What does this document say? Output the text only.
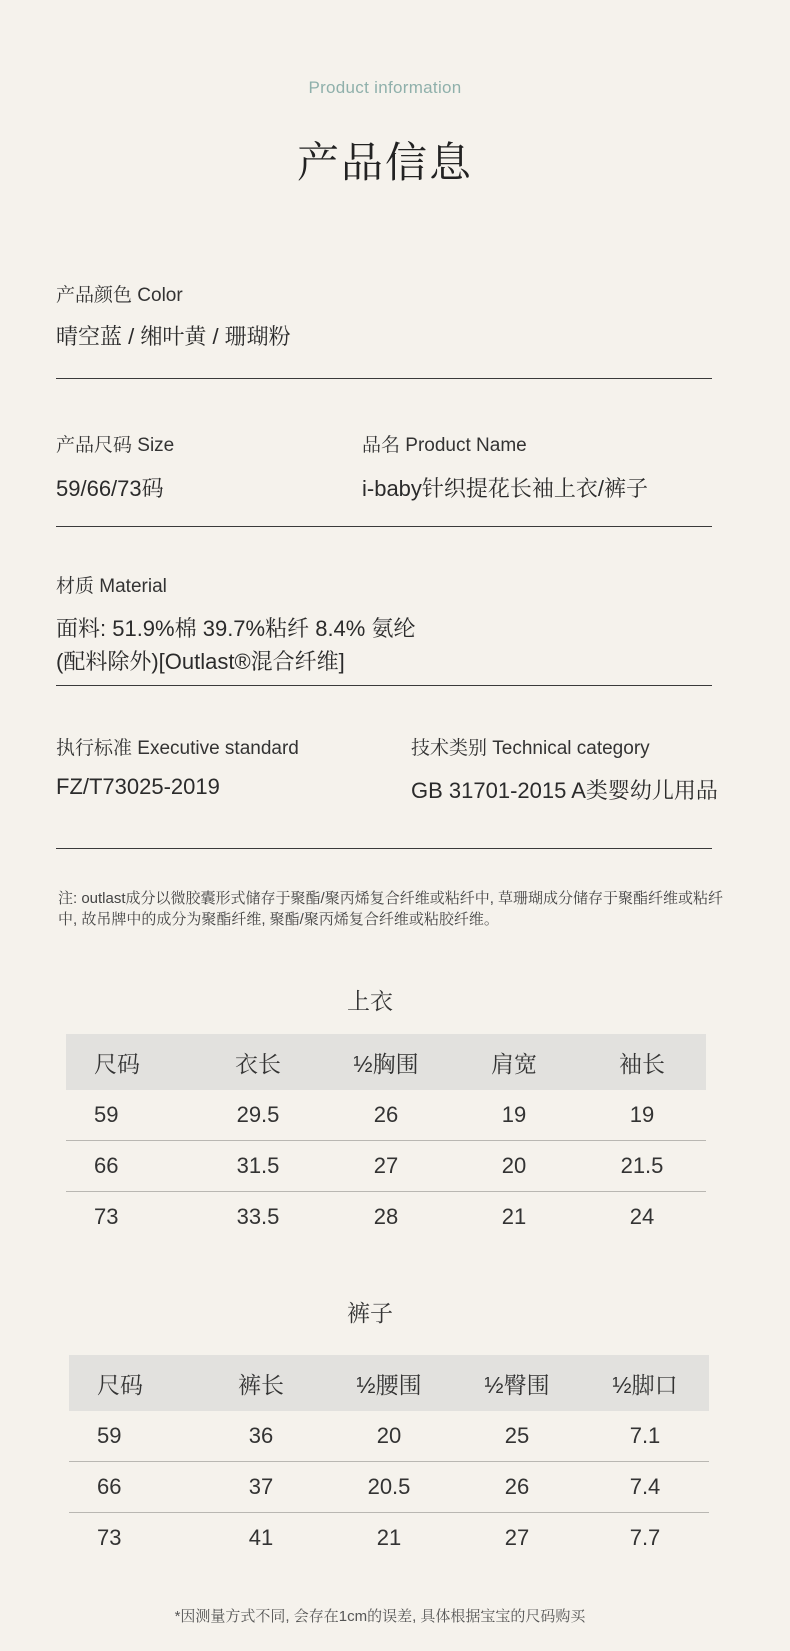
Product information
产品信息
产品颜色 Color
晴空蓝 / 缃叶黄 / 珊瑚粉
产品尺码 Size
59/66/73码
品名 Product Name
i-baby针织提花长袖上衣/裤子
材质 Material
面料: 51.9%棉 39.7%粘纤 8.4% 氨纶
(配料除外)[Outlast®混合纤维]
执行标准 Executive standard
FZ/T73025-2019
技术类别 Technical category
GB 31701-2015 A类婴幼儿用品
注: outlast成分以微胶囊形式储存于聚酯/聚丙烯复合纤维或粘纤中, 草珊瑚成分储存于聚酯纤维或粘纤中, 故吊牌中的成分为聚酯纤维, 聚酯/聚丙烯复合纤维或粘胶纤维。
上衣
尺码	衣长	½胸围	肩宽	袖长
59	29.5	26	19	19
66	31.5	27	20	21.5
73	33.5	28	21	24
裤子
尺码	裤长	½腰围	½臀围	½脚口
59	36	20	25	7.1
66	37	20.5	26	7.4
73	41	21	27	7.7
*因测量方式不同, 会存在1cm的误差, 具体根据宝宝的尺码购买
